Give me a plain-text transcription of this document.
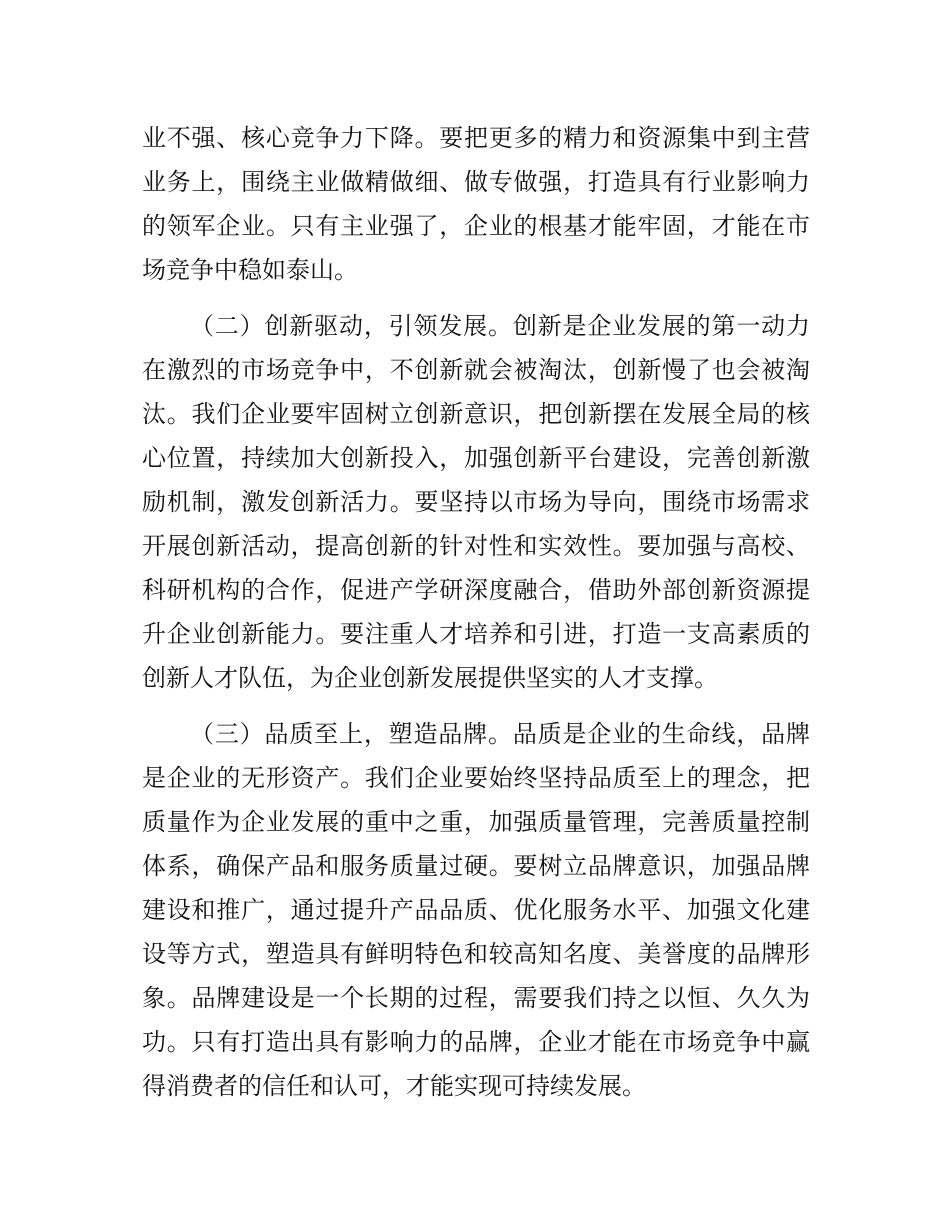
业不强、核心竞争力下降。要把更多的精力和资源集中到主营
业务上，围绕主业做精做细、做专做强，打造具有行业影响力
的领军企业。只有主业强了，企业的根基才能牢固，才能在市
场竞争中稳如泰山。
（二）创新驱动，引领发展。创新是企业发展的第一动力
在激烈的市场竞争中，不创新就会被淘汰，创新慢了也会被淘
汰。我们企业要牢固树立创新意识，把创新摆在发展全局的核
心位置，持续加大创新投入，加强创新平台建设，完善创新激
励机制，激发创新活力。要坚持以市场为导向，围绕市场需求
开展创新活动，提高创新的针对性和实效性。要加强与高校、
科研机构的合作，促进产学研深度融合，借助外部创新资源提
升企业创新能力。要注重人才培养和引进，打造一支高素质的
创新人才队伍，为企业创新发展提供坚实的人才支撑。
（三）品质至上，塑造品牌。品质是企业的生命线，品牌
是企业的无形资产。我们企业要始终坚持品质至上的理念，把
质量作为企业发展的重中之重，加强质量管理，完善质量控制
体系，确保产品和服务质量过硬。要树立品牌意识，加强品牌
建设和推广，通过提升产品品质、优化服务水平、加强文化建
设等方式，塑造具有鲜明特色和较高知名度、美誉度的品牌形
象。品牌建设是一个长期的过程，需要我们持之以恒、久久为
功。只有打造出具有影响力的品牌，企业才能在市场竞争中赢
得消费者的信任和认可，才能实现可持续发展。
